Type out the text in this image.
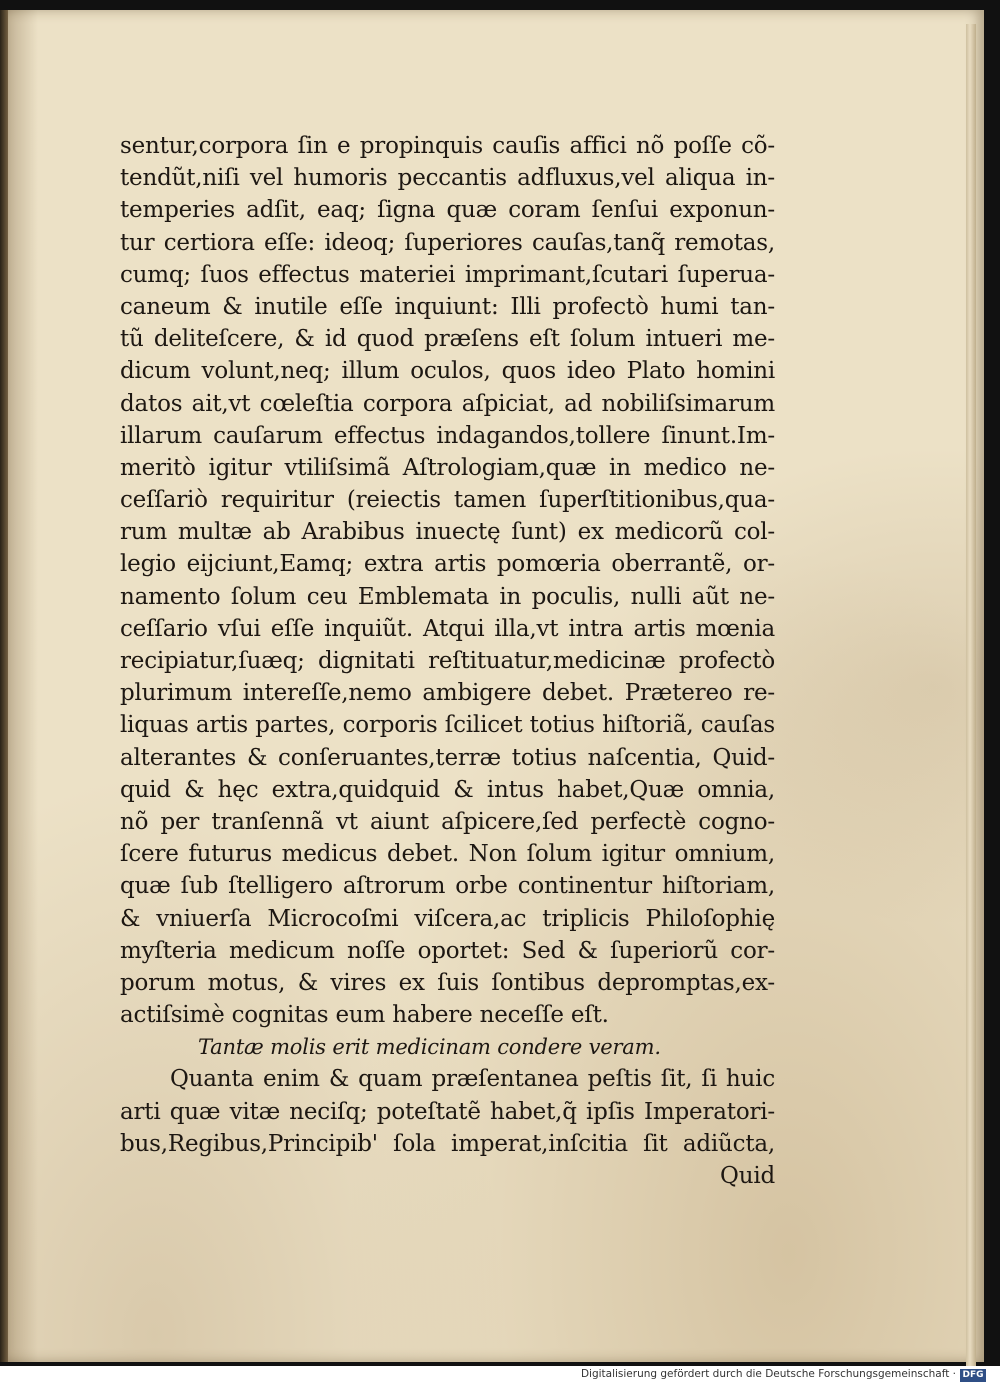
sentur,corpora ſin e propinquis cauſis affici nõ poſſe cõ-
tendũt,niſi vel humoris peccantis adfluxus,vel aliqua in-
temperies adſit, eaq; ſigna quæ coram ſenſui exponun-
tur certiora eſſe: ideoq; ſuperiores cauſas,tanq̃ remotas,
cumq; ſuos effectus materiei imprimant,ſcutari ſuperua-
caneum & inutile eſſe inquiunt: Illi profectò humi tan-
tũ deliteſcere, & id quod præſens eſt ſolum intueri me-
dicum volunt,neq; illum oculos, quos ideo Plato homini
datos ait,vt cœleſtia corpora aſpiciat, ad nobiliſsimarum
illarum cauſarum effectus indagandos,tollere ſinunt.Im-
meritò igitur vtiliſsimã Aſtrologiam,quæ in medico ne-
ceſſariò requiritur (reiectis tamen ſuperſtitionibus,qua-
rum multæ ab Arabibus inuectę ſunt) ex medicorũ col-
legio eijciunt,Eamq; extra artis pomœria oberrantẽ, or-
namento ſolum ceu Emblemata in poculis, nulli aũt ne-
ceſſario vſui eſſe inquiũt. Atqui illa,vt intra artis mœnia
recipiatur,ſuæq; dignitati reſtituatur,medicinæ profectò
plurimum intereſſe,nemo ambigere debet. Prætereo re-
liquas artis partes, corporis ſcilicet totius hiſtoriã, cauſas
alterantes & conſeruantes,terræ totius naſcentia, Quid-
quid & hęc extra,quidquid & intus habet,Quæ omnia,
nõ per tranſennã vt aiunt aſpicere,ſed perfectè cogno-
ſcere futurus medicus debet. Non ſolum igitur omnium,
quæ ſub ſtelligero aſtrorum orbe continentur hiſtoriam,
& vniuerſa Microcoſmi viſcera,ac triplicis Philoſophię
myſteria medicum noſſe oportet: Sed & ſuperiorũ cor-
porum motus, & vires ex ſuis ſontibus depromptas,ex-
actiſsimè cognitas eum habere neceſſe eſt.
Tantæ molis erit medicinam condere veram.
Quanta enim & quam præſentanea peſtis ſit, ſi huic
arti quæ vitæ neciſq; poteſtatẽ habet,q̃ ipſis Imperatori-
bus,Regibus,Principib' ſola imperat,inſcitia ſit adiũcta,
Quid
Digitalisierung gefördert durch die Deutsche Forschungsgemeinschaft · DFG
